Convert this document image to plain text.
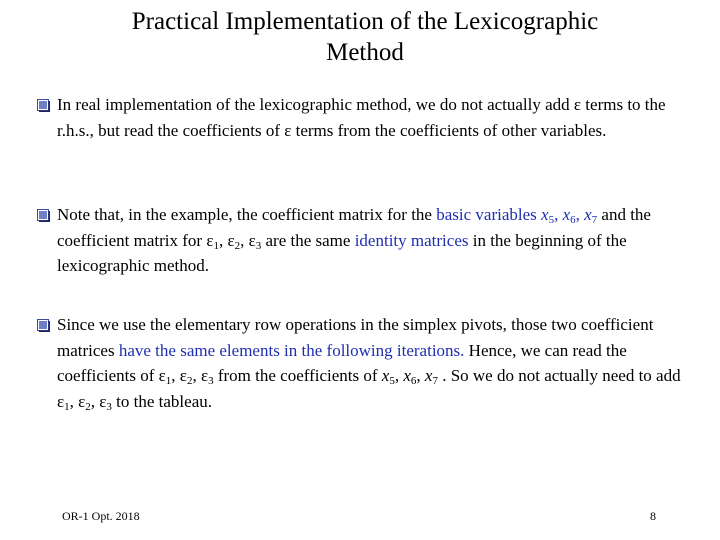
Practical Implementation of the Lexicographic
Method
In real implementation of the lexicographic method, we do not actually add ε terms to the r.h.s., but read the coefficients of ε terms from the coefficients of other variables.
Note that, in the example, the coefficient matrix for the basic variables $x_5$, $x_6$, $x_7$ and the coefficient matrix for $\varepsilon_1$, $\varepsilon_2$, $\varepsilon_3$ are the same identity matrices in the beginning of the lexicographic method.
Since we use the elementary row operations in the simplex pivots, those two coefficient matrices have the same elements in the following iterations. Hence, we can read the coefficients of $\varepsilon_1$, $\varepsilon_2$, $\varepsilon_3$ from the coefficients of $x_5$, $x_6$, $x_7$ . So we do not actually need to add $\varepsilon_1$, $\varepsilon_2$, $\varepsilon_3$ to the tableau.
OR-1 Opt. 2018	8
